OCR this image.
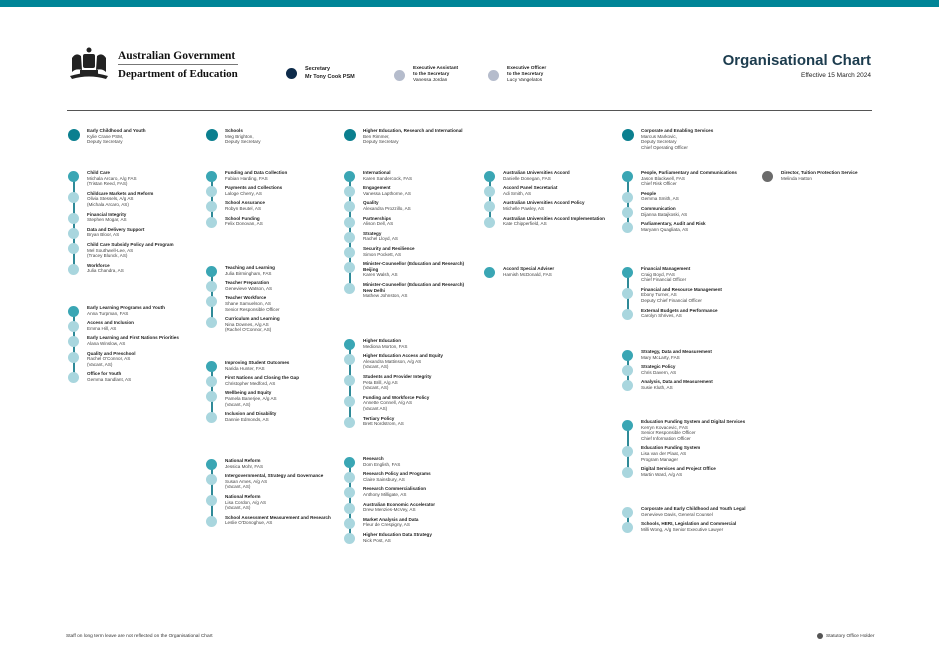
Australian Government
Department of Education	Secretary
Mr Tony Cook PSM
Executive Assistant
to the Secretary
Vanessa Jordan
Executive Officer
to the Secretary
Lucy Vangelatos
Organisational Chart
Effective 15 March 2024
Early Childhood and Youth
Kylie Crane PSM,
Deputy Secretary
Child Care
Michala Arcaro, A/g FAS
(Tristan Reed, FAS)
Childcare Markets and Reform
Olivia Stessels, A/g AS
(Michala Arcaro, AS)
Financial Integrity
Stephen Mogar, AS
Data and Delivery Support
Bryan Bloor, AS
Child Care Subsidy Policy and Program
Mel Southwell-Lee, AS
(Tracey Blunck, AS)
Workforce
Julia Chandra, AS
Early Learning Programs and Youth
Anna Turpman, FAS
Access and Inclusion
Emma Hill, AS
Early Learning and First Nations Priorities
Alana Winslow, AS
Quality and Preschool
Rachel O'Connor, AS
(Vacant, AS)
Office for Youth
Gemma Sandlant, AS
Schools
Meg Brighton,
Deputy Secretary
Funding and Data Collection
Fabian Harding, FAS
Payments and Collections
Laloge Cherry, AS
School Assurance
Robyn Beutel, AS
School Funding
Felix Donovan, AS
Teaching and Learning
Julia Birmingham, FAS
Teacher Preparation
Genevieve Watson, AS
Teacher Workforce
Shane Samuelson, AS
Senior Responsible Officer
Curriculum and Learning
Nina Downes, A/g AS
(Rachel O'Connor, AS)
Improving Student Outcomes
Narida Hunter, FAS
First Nations and Closing the Gap
Christopher Medford, AS
Wellbeing and Equity
Pamela Banerjee, A/g AS
(Vacant, AS)
Inclusion and Disability
Dannie Edmonds, AS
National Reform
Jessica Mohr, FAS
Intergovernmental, Strategy and Governance
Susan Ames, A/g AS
(Vacant, AS)
National Reform
Lisa Cordon, A/g AS
(Vacant, AS)
School Assessment Measurement and Research
Leslie O'Donoghue, AS
Higher Education, Research and International
Ben Rimmer,
Deputy Secretary
International
Karen Sandercock, FAS
Engagement
Vanessa Lapthorne, AS
Quality
Alexandra Prozzillo, AS
Partnerships
Alison Dell, AS
Strategy
Rachel Lloyd, AS
Security and Resilience
Simon Pockett, AS
Minister-Counsellor (Education and Research) Beijing
Karen Walsh, AS
Minister-Counsellor (Education and Research) New Delhi
Mathew Johnston, AS
Higher Education
Mediona Morton, FAS
Higher Education Access and Equity
Alexandra Mattinson, A/g AS
(Vacant, AS)
Students and Provider Integrity
Peta Brill, A/g AS
(Vacant, AS)
Funding and Workforce Policy
Annette Connell, A/g AS
(Vacant AS)
Tertiary Policy
Brett Nordstrom, AS
Research
Dom English, FAS
Research Policy and Programs
Claire Sainsbury, AS
Research Commercialisation
Anthony Milligate, AS
Australian Economic Accelerator
Drew Menzies-McVey, AS
Market Analysis and Data
Fleur de Crespigny, AS
Higher Education Data Strategy
Nick Post, AS
Australian Universities Accord
Danielle Donegan, FAS
Accord Panel Secretariat
Adi Smith, AS
Australian Universities Accord Policy
Michelle Pawley, AS
Australian Universities Accord Implementation
Kate Chipperfield, AS
Accord Special Adviser
Hamish McDonald, FAS
Corporate and Enabling Services
Marcus Markovic,
Deputy Secretary
Chief Operating Officer
People, Parliamentary and Communications
Jason Blackwell, FAS
Chief Risk Officer
People
Gemma Smith, AS
Communication
Dijanna Batajkoski, AS
Parliamentary, Audit and Risk
Maryann Quagliata, AS
Financial Management
Craig Boyd, FAS
Chief Financial Officer
Financial and Resource Management
Ebony Turner, AS
Deputy Chief Financial Officer
External Budgets and Performance
Carolyn Shrives, AS
Strategy, Data and Measurement
Mary McLarty, FAS
Strategic Policy
Chris Davern, AS
Analysis, Data and Measurement
Susie Kluth, AS
Education Funding System and Digital Services
Kerryn Kovacevic, FAS
Senior Responsible Officer
Chief Information Officer
Education Funding System
Lisa van der Plaat, AS
Program Manager
Digital Services and Project Office
Martin Ward, A/g AS
Corporate and Early Childhood and Youth Legal
Genevieve Davis, General Counsel
Schools, HERI, Legislation and Commercial
Milli Wong, A/g Senior Executive Lawyer
Director, Tuition Protection Service
Melinda Hatton
Staff on long term leave are not reflected on the Organisational Chart	Statutory Office Holder
